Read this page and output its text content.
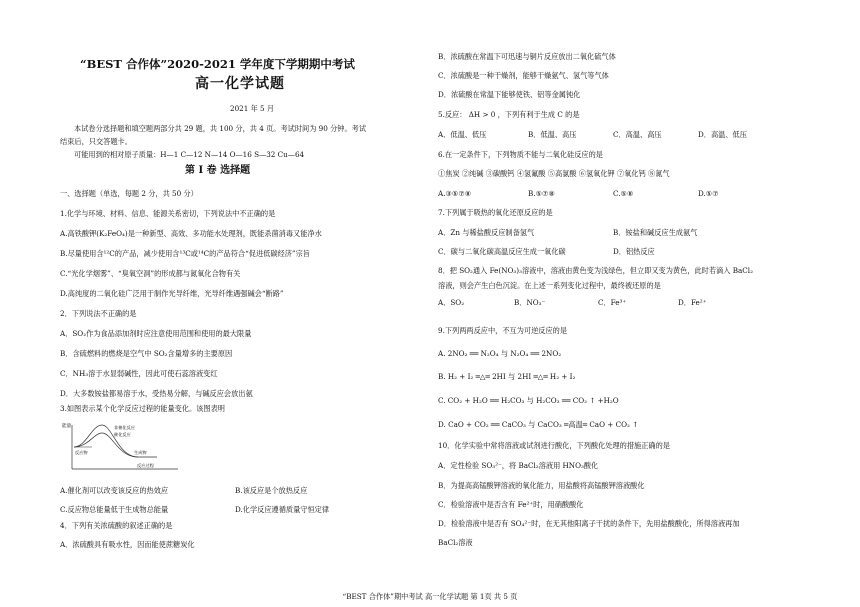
“BEST 合作体”2020-2021 学年度下学期期中考试
高一化学试题
2021 年 5 月
本试卷分选择题和填空题两部分共 29 题，共 100 分，共 4 页。考试时间为 90 分钟。考试
结束后，只交答题卡。
可能用到的相对原子质量：H—1 C—12 N—14 O—16 S—32 Cu—64
第 Ⅰ 卷 选择题
一、选择题（单选，每题 2 分，共 50 分）
1.化学与环境、材料、信息、能源关系密切，下列说法中不正确的是
A.高铁酸钾(K₂FeO₄)是一种新型、高效、多功能水处理剂，既能杀菌消毒又能净水
B.尽量使用含¹²C的产品，减少使用含¹³C或¹⁴C的产品符合“促进低碳经济”宗旨
C.“光化学烟雾”、“臭氧空洞”的形成都与氮氧化合物有关
D.高纯度的二氧化硅广泛用于制作光导纤维，光导纤维遇强碱会“断路”
2．下列说法不正确的是
A．SO₂作为食品添加剂时应注意使用范围和使用的最大限量
B．含硫燃料的燃烧是空气中 SO₂含量增多的主要原因
C．NH₃溶于水显弱碱性，因此可使石蕊溶液变红
D．大多数铵盐都易溶于水，受热易分解，与碱反应会放出氨
3.如图表示某个化学反应过程的能量变化。该图表明
能量	非催化反应
催化反应
反应物	生成物
反应过程
A.催化剂可以改变该反应的热效应	B.该反应是个放热反应
C.反应物总能量低于生成物总能量	D.化学反应遵循质量守恒定律
4．下列有关浓硫酸的叙述正确的是
A．浓硫酸具有吸水性，因而能使蔗糖炭化
B．浓硫酸在常温下可迅速与铜片反应放出二氧化硫气体
C．浓硫酸是一种干燥剂，能够干燥氨气、氢气等气体
D．浓硫酸在常温下能够使铁、铝等金属钝化
5.反应： ΔH > 0 ，下列有利于生成 C 的是
A．低温、低压	B．低温、高压	C．高温、高压	D．高温、低压
6.在一定条件下，下列物质不能与二氧化硅反应的是
①焦炭 ②纯碱 ③碳酸钙 ④氢氟酸 ⑤高氯酸 ⑥氢氧化钾 ⑦氧化钙 ⑧氮气
A.③⑤⑦⑧	B.⑤⑦⑧	C.⑤⑧	D.⑤⑦
7.下列属于吸热的氧化还原反应的是
A．Zn 与稀盐酸反应制备氢气	B．铵盐和碱反应生成氨气
C．碳与二氧化碳高温反应生成一氧化碳	D．铝热反应
8．把 SO₂通入 Fe(NO₃)₃溶液中，溶液由黄色变为浅绿色，但立即又变为黄色，此时若滴入 BaCl₂
溶液，则会产生白色沉淀。在上述一系列变化过程中，最终被还原的是
A．SO₂	B．NO₃⁻	C．Fe³⁺	D．Fe²⁺
9.下列两两反应中，不互为可逆反应的是
A. 2NO₂ ══ N₂O₄ 与 N₂O₄ ══ 2NO₂
B. H₂ + I₂ ═△═ 2HI 与 2HI ═△═ H₂ + I₂
C. CO₂ + H₂O ══ H₂CO₃ 与 H₂CO₃ ══ CO₂ ↑ +H₂O
D. CaO + CO₂ ══ CaCO₃ 与 CaCO₃ ═高温═ CaO + CO₂ ↑
10．化学实验中常将溶液或试剂进行酸化，下列酸化处理的措施正确的是
A．定性检验 SO₃²⁻，将 BaCl₂溶液用 HNO₃酸化
B．为提高高锰酸钾溶液的氧化能力，用盐酸将高锰酸钾溶液酸化
C．检验溶液中是否含有 Fe²⁺时，用硝酸酸化
D．检验溶液中是否有 SO₄²⁻时，在无其他阳离子干扰的条件下，先用盐酸酸化，所得溶液再加
BaCl₂溶液
“BEST 合作体”期中考试 高一化学试题 第 1页 共 5 页
